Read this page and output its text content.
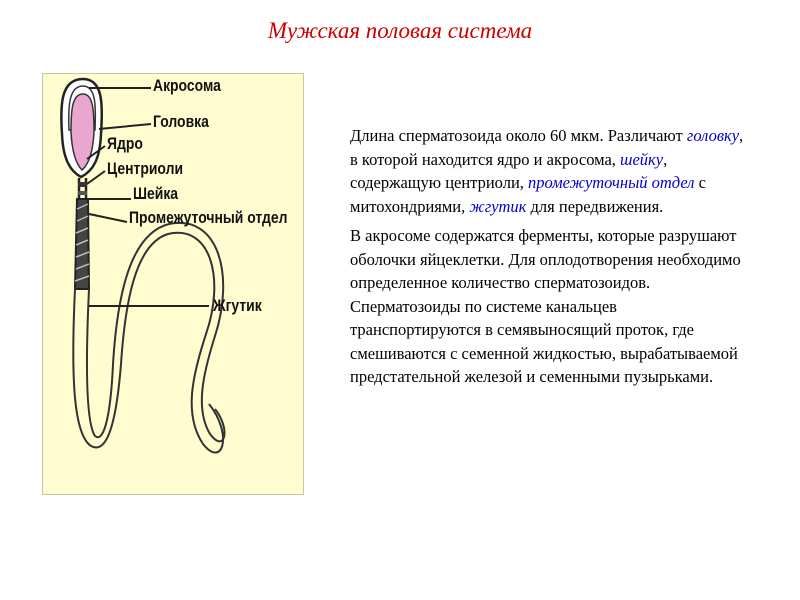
Мужская половая система
Акросома
Головка
Ядро
Центриоли
Шейка
Промежуточный отдел
Жгутик

Длина сперматозоида около 60 мкм. Различают головку, в которой находится ядро и акросома, шейку, содержащую центриоли, промежуточный отдел с митохондриями, жгутик для передвижения.

В акросоме содержатся ферменты, которые разрушают оболочки яйцеклетки. Для оплодотворения необходимо определенное количество сперматозоидов. Сперматозоиды по системе канальцев транспортируются в семявыносящий проток, где смешиваются с семенной жидкостью, вырабатываемой предстательной железой и семенными пузырьками.
